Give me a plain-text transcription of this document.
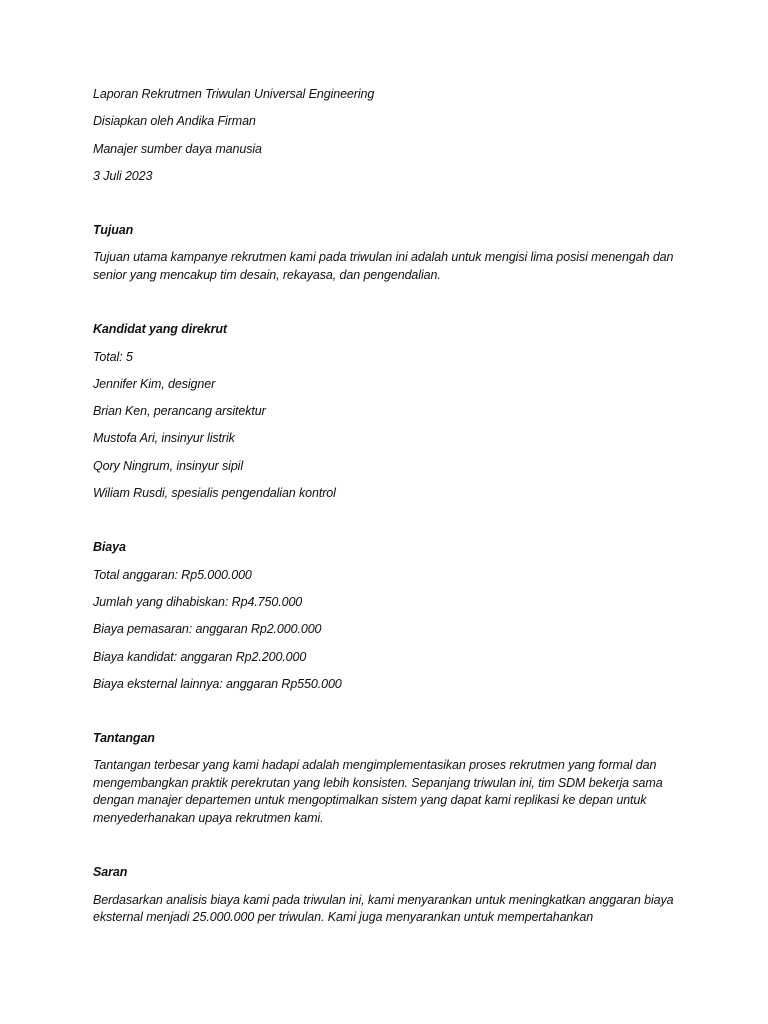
Laporan Rekrutmen Triwulan Universal Engineering
Disiapkan oleh Andika Firman
Manajer sumber daya manusia
3 Juli 2023
Tujuan
Tujuan utama kampanye rekrutmen kami pada triwulan ini adalah untuk mengisi lima posisi menengah dan senior yang mencakup tim desain, rekayasa, dan pengendalian.
Kandidat yang direkrut
Total: 5
Jennifer Kim, designer
Brian Ken, perancang arsitektur
Mustofa Ari, insinyur listrik
Qory Ningrum, insinyur sipil
Wiliam Rusdi, spesialis pengendalian kontrol
Biaya
Total anggaran: Rp5.000.000
Jumlah yang dihabiskan: Rp4.750.000
Biaya pemasaran: anggaran Rp2.000.000
Biaya kandidat: anggaran Rp2.200.000
Biaya eksternal lainnya: anggaran Rp550.000
Tantangan
Tantangan terbesar yang kami hadapi adalah mengimplementasikan proses rekrutmen yang formal dan mengembangkan praktik perekrutan yang lebih konsisten. Sepanjang triwulan ini, tim SDM bekerja sama dengan manajer departemen untuk mengoptimalkan sistem yang dapat kami replikasi ke depan untuk menyederhanakan upaya rekrutmen kami.
Saran
Berdasarkan analisis biaya kami pada triwulan ini, kami menyarankan untuk meningkatkan anggaran biaya eksternal menjadi 25.000.000 per triwulan. Kami juga menyarankan untuk mempertahankan
